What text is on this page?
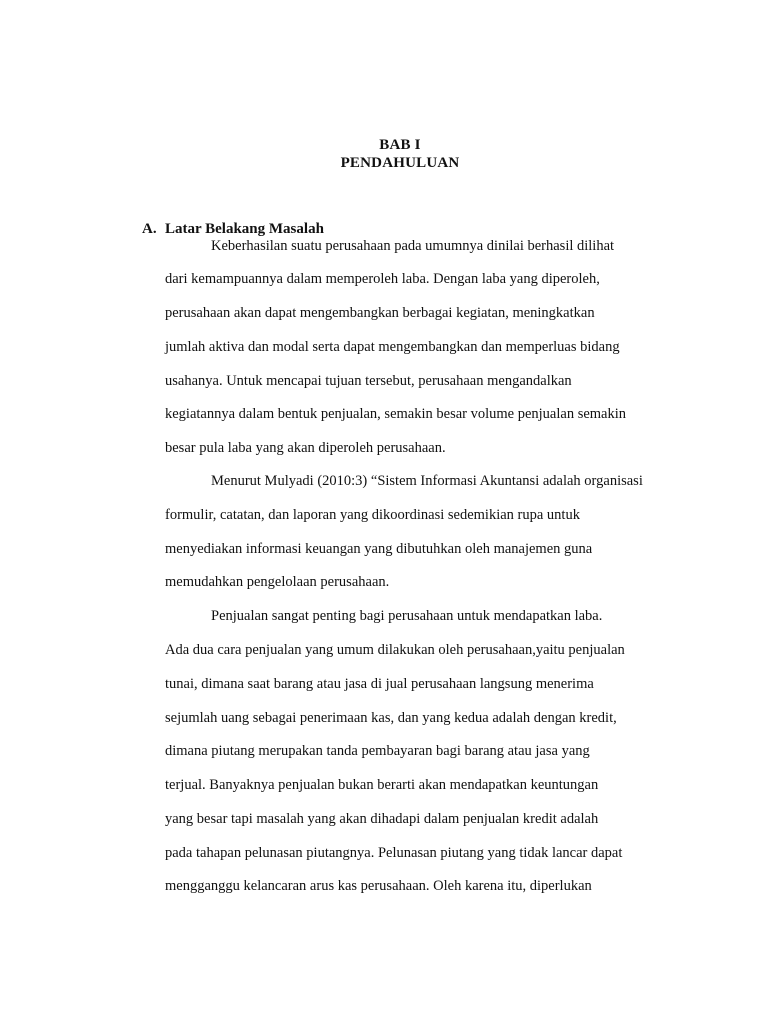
BAB I
PENDAHULUAN
A. Latar Belakang Masalah
Keberhasilan suatu perusahaan pada umumnya dinilai berhasil dilihat
dari kemampuannya dalam memperoleh laba. Dengan laba yang diperoleh,
perusahaan akan dapat mengembangkan berbagai kegiatan, meningkatkan
jumlah aktiva dan modal serta dapat mengembangkan dan memperluas bidang
usahanya. Untuk mencapai tujuan tersebut, perusahaan mengandalkan
kegiatannya dalam bentuk penjualan, semakin besar volume penjualan semakin
besar pula laba yang akan diperoleh perusahaan.
Menurut Mulyadi (2010:3) “Sistem Informasi Akuntansi adalah organisasi
formulir, catatan, dan laporan yang dikoordinasi sedemikian rupa untuk
menyediakan informasi keuangan yang dibutuhkan oleh manajemen guna
memudahkan pengelolaan perusahaan.
Penjualan sangat penting bagi perusahaan untuk mendapatkan laba.
Ada dua cara penjualan yang umum dilakukan oleh perusahaan,yaitu penjualan
tunai, dimana saat barang atau jasa di jual perusahaan langsung menerima
sejumlah uang sebagai penerimaan kas, dan yang kedua adalah dengan kredit,
dimana piutang merupakan tanda pembayaran bagi barang atau jasa yang
terjual. Banyaknya penjualan bukan berarti akan mendapatkan keuntungan
yang besar tapi masalah yang akan dihadapi dalam penjualan kredit adalah
pada tahapan pelunasan piutangnya. Pelunasan piutang yang tidak lancar dapat
mengganggu kelancaran arus kas perusahaan. Oleh karena itu, diperlukan
